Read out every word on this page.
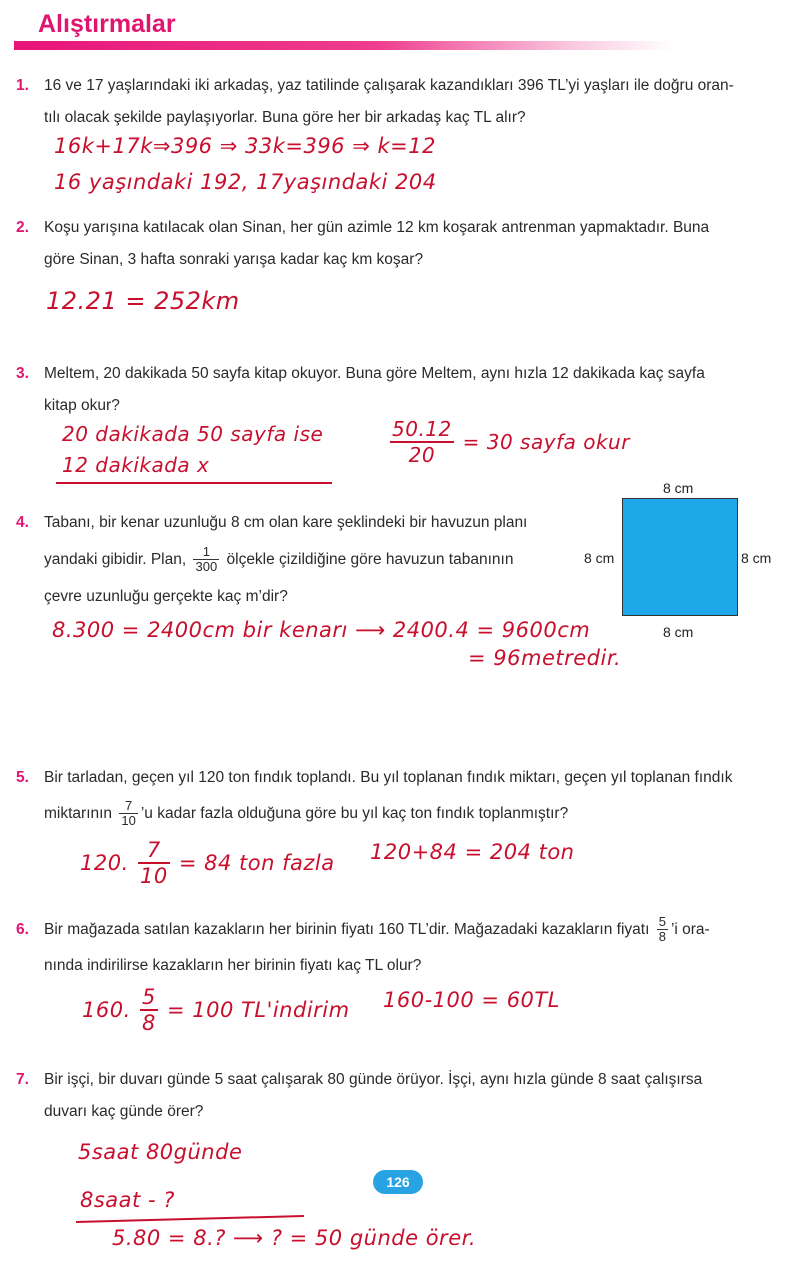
Alıştırmalar
1. 16 ve 17 yaşlarındaki iki arkadaş, yaz tatilinde çalışarak kazandıkları 396 TL’yi yaşları ile doğru oran-
tılı olacak şekilde paylaşıyorlar. Buna göre her bir arkadaş kaç TL alır?
16k+17k⇒396 ⇒ 33k=396 ⇒ k=12
16 yaşındaki 192, 17yaşındaki 204
2. Koşu yarışına katılacak olan Sinan, her gün azimle 12 km koşarak antrenman yapmaktadır. Buna
göre Sinan, 3 hafta sonraki yarışa kadar kaç km koşar?
12.21 = 252km
3. Meltem, 20 dakikada 50 sayfa kitap okuyor. Buna göre Meltem, aynı hızla 12 dakikada kaç sayfa
kitap okur?
20 dakikada 50 sayfa ise
12 dakikada x	$\frac{50.12}{20} = 30$ sayfa okur
4. Tabanı, bir kenar uzunluğu 8 cm olan kare şeklindeki bir havuzun planı
yandaki gibidir. Plan, $\frac{1}{300}$ ölçekle çizildiğine göre havuzun tabanının
çevre uzunluğu gerçekte kaç m’dir?
8 cm
8 cm	8 cm
8 cm
8.300 = 2400cm bir kenarı ⟶ 2400.4 = 9600cm
= 96metredir.
5. Bir tarladan, geçen yıl 120 ton fındık toplandı. Bu yıl toplanan fındık miktarı, geçen yıl toplanan fındık
miktarının $\frac{7}{10}$ ’u kadar fazla olduğuna göre bu yıl kaç ton fındık toplanmıştır?
120. $\frac{7}{10} = 84$ ton fazla 120+84 = 204 ton
6. Bir mağazada satılan kazakların her birinin fiyatı 160 TL’dir. Mağazadaki kazakların fiyatı $\frac{5}{8}$ ’i ora-
nında indirilirse kazakların her birinin fiyatı kaç TL olur?
160. $\frac{5}{8} = 100$ TL'indirim 160-100 = 60TL
7. Bir işçi, bir duvarı günde 5 saat çalışarak 80 günde örüyor. İşçi, aynı hızla günde 8 saat çalışırsa
duvarı kaç günde örer?
5saat 80günde
8saat - ?
5.80 = 8.? ⟶ ? = 50 günde örer.
126
